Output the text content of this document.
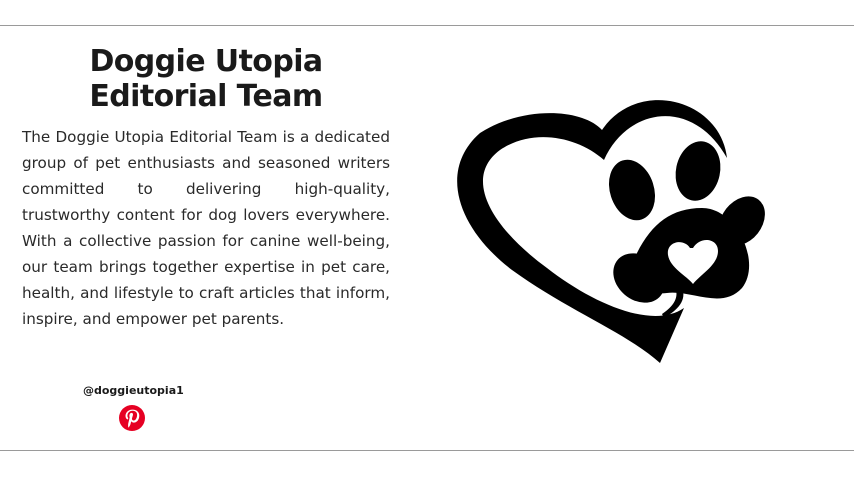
Doggie Utopia
Editorial Team

The Doggie Utopia Editorial Team is a dedicated group of pet enthusiasts and seasoned writers committed to delivering high-quality, trustworthy content for dog lovers everywhere. With a collective passion for canine well-being, our team brings together expertise in pet care, health, and lifestyle to craft articles that inform, inspire, and empower pet parents.

@doggieutopia1
